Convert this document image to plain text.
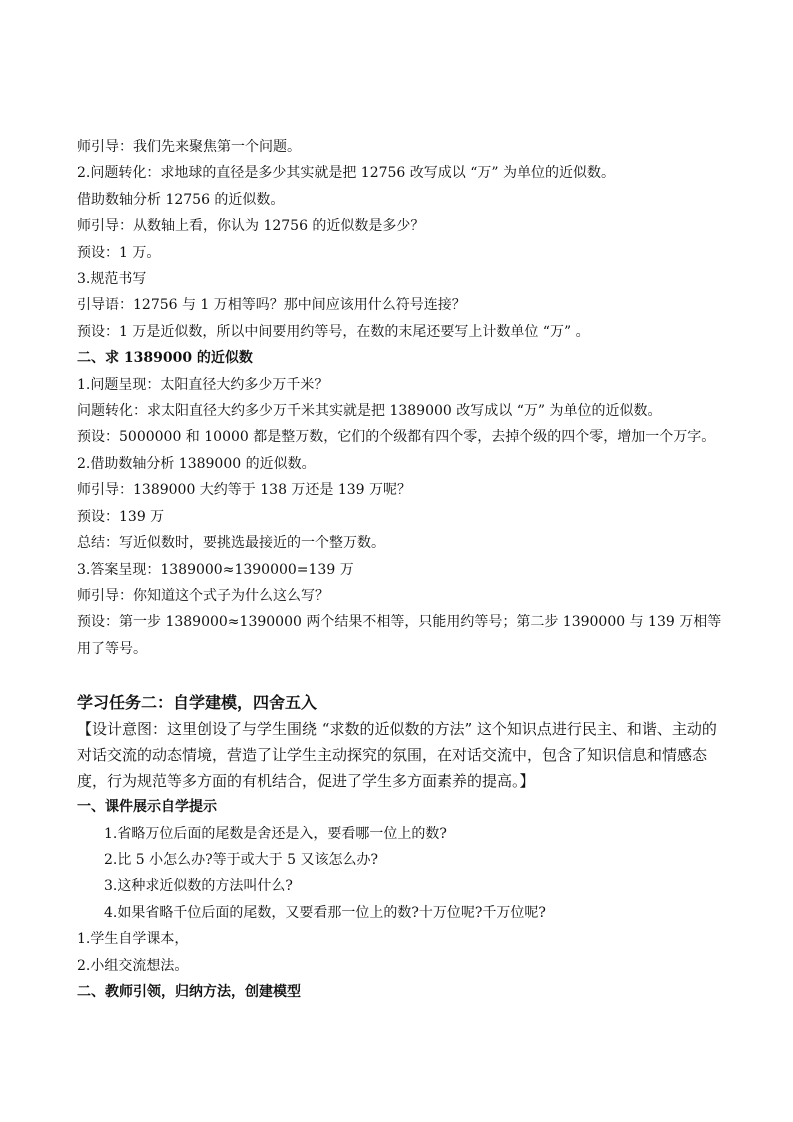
师引导：我们先来聚焦第一个问题。
2.问题转化：求地球的直径是多少其实就是把 12756 改写成以 “万” 为单位的近似数。
借助数轴分析 12756 的近似数。
师引导：从数轴上看，你认为 12756 的近似数是多少？
预设：1 万。
3.规范书写
引导语：12756 与 1 万相等吗？那中间应该用什么符号连接？
预设：1 万是近似数，所以中间要用约等号，在数的末尾还要写上计数单位 “万” 。
二、求 1389000 的近似数
1.问题呈现：太阳直径大约多少万千米？
问题转化：求太阳直径大约多少万千米其实就是把 1389000 改写成以 “万” 为单位的近似数。
预设：5000000 和 10000 都是整万数，它们的个级都有四个零，去掉个级的四个零，增加一个万字。
2.借助数轴分析 1389000 的近似数。
师引导：1389000 大约等于 138 万还是 139 万呢？
预设：139 万
总结：写近似数时，要挑选最接近的一个整万数。
3.答案呈现：1389000≈1390000=139 万
师引导：你知道这个式子为什么这么写？
预设：第一步 1389000≈1390000 两个结果不相等，只能用约等号；第二步 1390000 与 139 万相等用了等号。
学习任务二：自学建模，四舍五入
【设计意图：这里创设了与学生围绕 “求数的近似数的方法” 这个知识点进行民主、和谐、主动的对话交流的动态情境，营造了让学生主动探究的氛围，在对话交流中，包含了知识信息和情感态度，行为规范等多方面的有机结合，促进了学生多方面素养的提高。】
一、课件展示自学提示
1.省略万位后面的尾数是舍还是入，要看哪一位上的数?
2.比 5 小怎么办?等于或大于 5 又该怎么办?
3.这种求近似数的方法叫什么?
4.如果省略千位后面的尾数，又要看那一位上的数?十万位呢?千万位呢?
1.学生自学课本，
2.小组交流想法。
二、教师引领，归纳方法，创建模型
